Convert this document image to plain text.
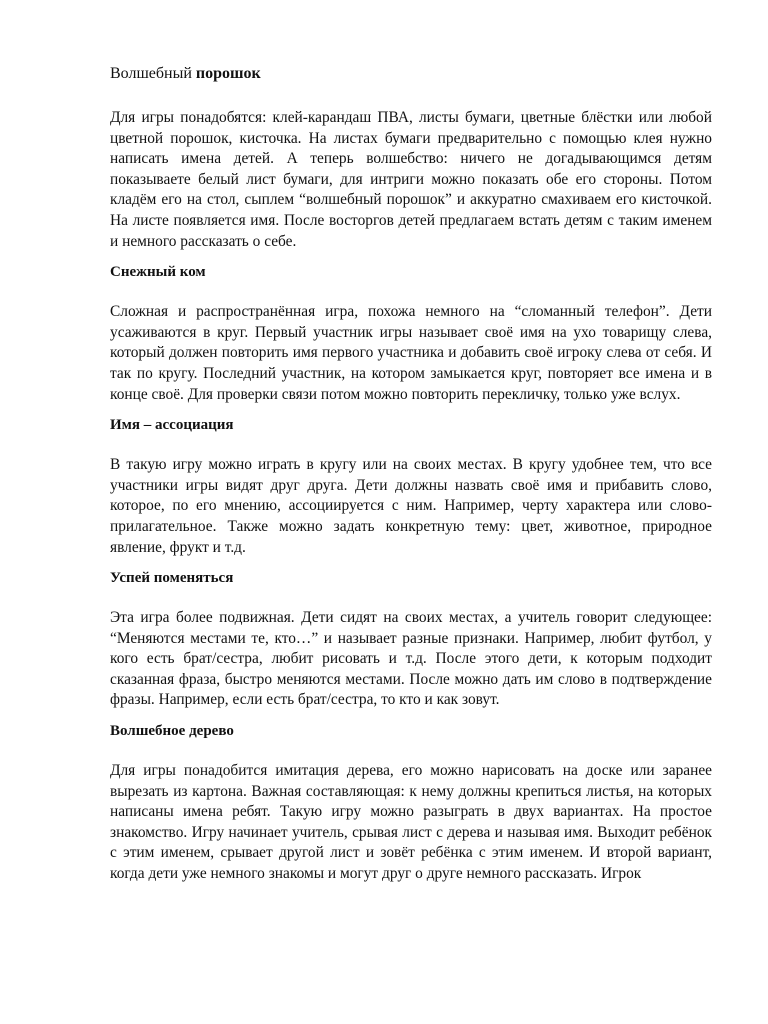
Волшебный порошок

Для игры понадобятся: клей-карандаш ПВА, листы бумаги, цветные блёстки или любой цветной порошок, кисточка. На листах бумаги предварительно с помощью клея нужно написать имена детей. А теперь волшебство: ничего не догадывающимся детям показываете белый лист бумаги, для интриги можно показать обе его стороны. Потом кладём его на стол, сыплем “волшебный порошок” и аккуратно смахиваем его кисточкой. На листе появляется имя. После восторгов детей предлагаем встать детям с таким именем и немного рассказать о себе.

Снежный ком

Сложная и распространённая игра, похожа немного на “сломанный телефон”. Дети усаживаются в круг. Первый участник игры называет своё имя на ухо товарищу слева, который должен повторить имя первого участника и добавить своё игроку слева от себя. И так по кругу. Последний участник, на котором замыкается круг, повторяет все имена и в конце своё. Для проверки связи потом можно повторить перекличку, только уже вслух.

Имя – ассоциация

В такую игру можно играть в кругу или на своих местах. В кругу удобнее тем, что все участники игры видят друг друга. Дети должны назвать своё имя и прибавить слово, которое, по его мнению, ассоциируется с ним. Например, черту характера или слово-прилагательное. Также можно задать конкретную тему: цвет, животное, природное явление, фрукт и т.д.

Успей поменяться

Эта игра более подвижная. Дети сидят на своих местах, а учитель говорит следующее: “Меняются местами те, кто…” и называет разные признаки. Например, любит футбол, у кого есть брат/сестра, любит рисовать и т.д. После этого дети, к которым подходит сказанная фраза, быстро меняются местами. После можно дать им слово в подтверждение фразы. Например, если есть брат/сестра, то кто и как зовут.

Волшебное дерево

Для игры понадобится имитация дерева, его можно нарисовать на доске или заранее вырезать из картона. Важная составляющая: к нему должны крепиться листья, на которых написаны имена ребят. Такую игру можно разыграть в двух вариантах. На простое знакомство. Игру начинает учитель, срывая лист с дерева и называя имя. Выходит ребёнок с этим именем, срывает другой лист и зовёт ребёнка с этим именем. И второй вариант, когда дети уже немного знакомы и могут друг о друге немного рассказать. Игрок
